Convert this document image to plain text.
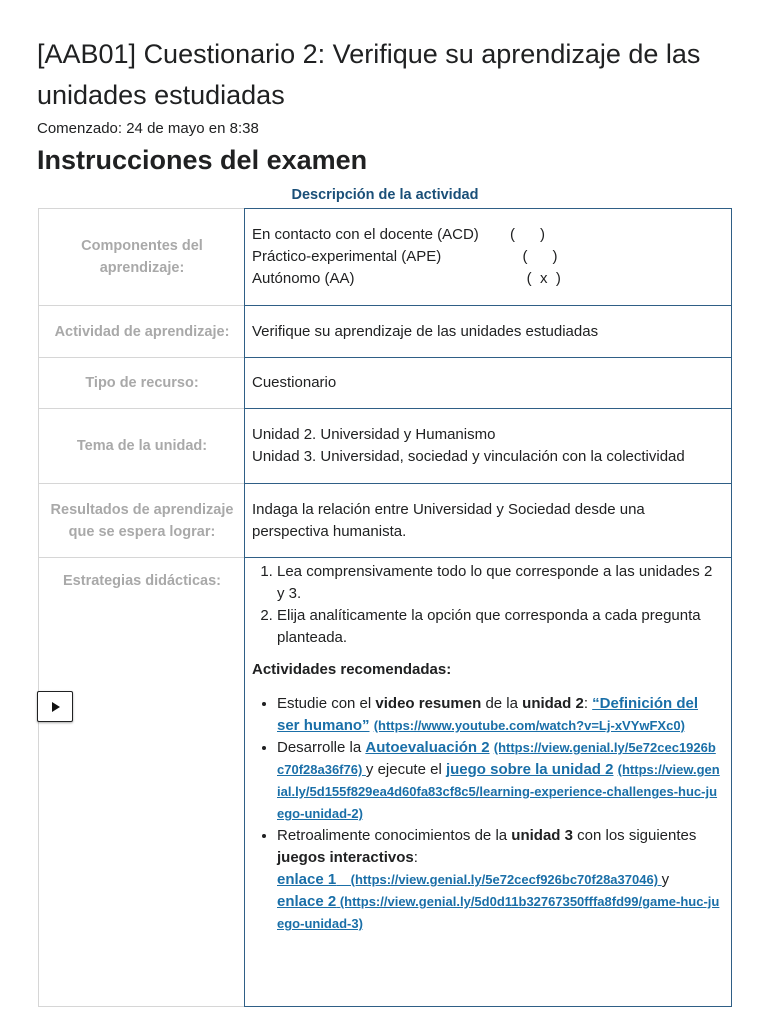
[AAB01] Cuestionario 2: Verifique su aprendizaje de las unidades estudiadas
Comenzado: 24 de mayo en 8:38
Instrucciones del examen
Descripción de la actividad
Componentes del aprendizaje:
En contacto con el docente (ACD)	(      )
Práctico-experimental (APE)	(      )
Autónomo (AA)	(  x  )
Actividad de aprendizaje:	Verifique su aprendizaje de las unidades estudiadas
Tipo de recurso:	Cuestionario
Tema de la unidad:
Unidad 2. Universidad y Humanismo
Unidad 3. Universidad, sociedad y vinculación con la colectividad
Resultados de aprendizaje que se espera lograr:
Indaga la relación entre Universidad y Sociedad desde una perspectiva humanista.
Estrategias didácticas:
1. Lea comprensivamente todo lo que corresponde a las unidades 2 y 3.
2. Elija analíticamente la opción que corresponda a cada pregunta planteada.
Actividades recomendadas:
• Estudie con el video resumen de la unidad 2: “Definición del ser humano” (https://www.youtube.com/watch?v=Lj-xVYwFXc0)
• Desarrolle la Autoevaluación 2 (https://view.genial.ly/5e72cec1926bc70f28a36f76) y ejecute el juego sobre la unidad 2 (https://view.genial.ly/5d155f829ea4d60fa83cf8c5/learning-experience-challenges-huc-juego-unidad-2)
• Retroalimente conocimientos de la unidad 3 con los siguientes juegos interactivos:
enlace 1    (https://view.genial.ly/5e72cecf926bc70f28a37046) y
enlace 2 (https://view.genial.ly/5d0d11b32767350fffa8fd99/game-huc-juego-unidad-3)
